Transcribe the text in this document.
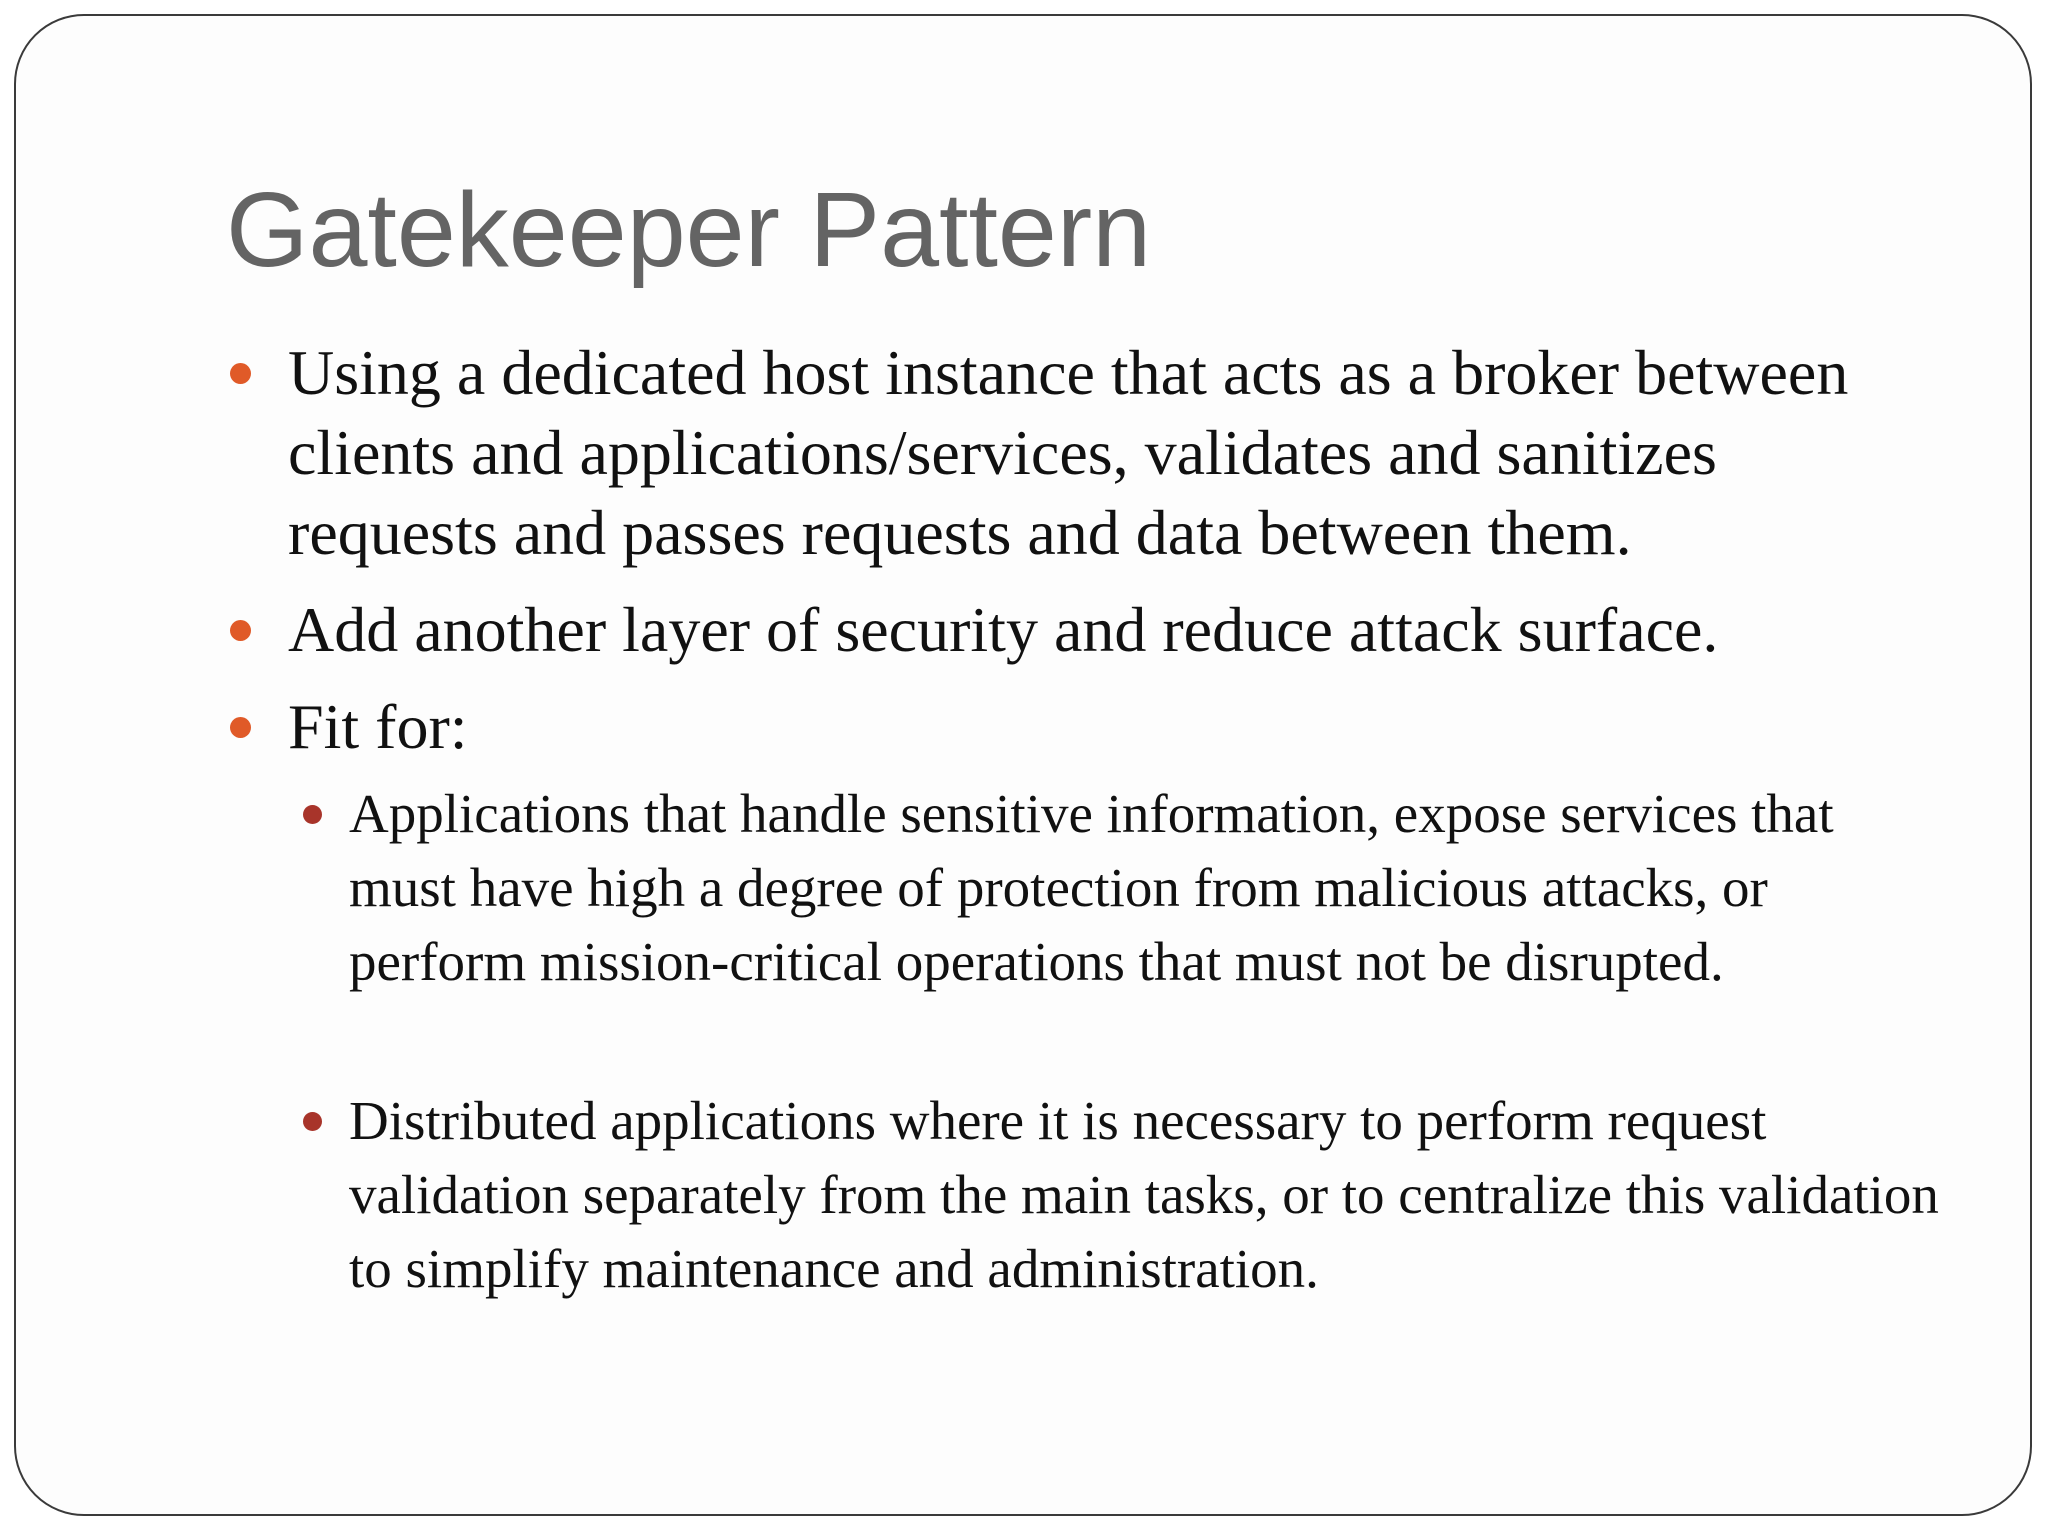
Gatekeeper Pattern
Using a dedicated host instance that acts as a broker between clients and applications/services, validates and sanitizes requests and passes requests and data between them.
Add another layer of security and reduce attack surface.
Fit for:
Applications that handle sensitive information, expose services that must have high a degree of protection from malicious attacks, or perform mission-critical operations that must not be disrupted.
Distributed applications where it is necessary to perform request validation separately from the main tasks, or to centralize this validation to simplify maintenance and administration.
